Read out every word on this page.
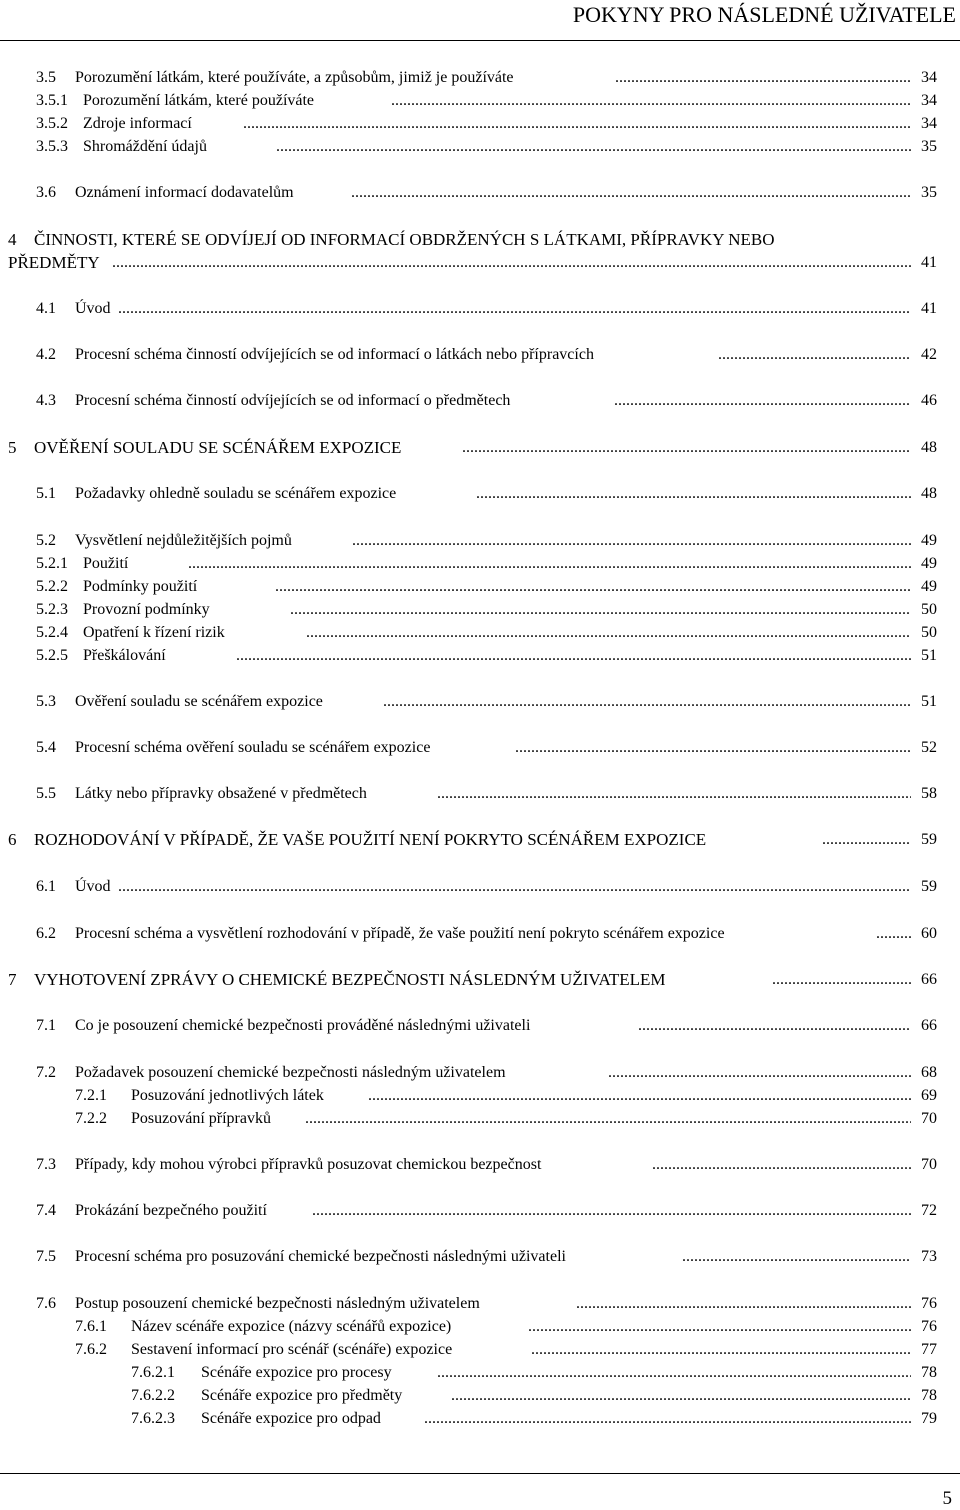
POKYNY PRO NÁSLEDNÉ UŽIVATELE
3.5 Porozumění látkám, které používáte, a způsobům, jimiž je používáte .....	34
3.5.1 Porozumění látkám, které používáte .....	34
3.5.2 Zdroje informací .....	34
3.5.3 Shromáždění údajů .....	35
3.6 Oznámení informací dodavatelům .....	35
4 ČINNOSTI, KTERÉ SE ODVÍJEJÍ OD INFORMACÍ OBDRŽENÝCH S LÁTKAMI, PŘÍPRAVKY NEBO
PŘEDMĚTY .....	41
4.1 Úvod .....	41
4.2 Procesní schéma činností odvíjejících se od informací o látkách nebo přípravcích .....	42
4.3 Procesní schéma činností odvíjejících se od informací o předmětech .....	46
5 OVĚŘENÍ SOULADU SE SCÉNÁŘEM EXPOZICE .....	48
5.1 Požadavky ohledně souladu se scénářem expozice .....	48
5.2 Vysvětlení nejdůležitějších pojmů .....	49
5.2.1 Použití .....	49
5.2.2 Podmínky použití .....	49
5.2.3 Provozní podmínky .....	50
5.2.4 Opatření k řízení rizik .....	50
5.2.5 Přeškálování .....	51
5.3 Ověření souladu se scénářem expozice .....	51
5.4 Procesní schéma ověření souladu se scénářem expozice .....	52
5.5 Látky nebo přípravky obsažené v předmětech .....	58
6 ROZHODOVÁNÍ V PŘÍPADĚ, ŽE VAŠE POUŽITÍ NENÍ POKRYTO SCÉNÁŘEM EXPOZICE .....	59
6.1 Úvod .....	59
6.2 Procesní schéma a vysvětlení rozhodování v případě, že vaše použití není pokryto scénářem expozice .....	60
7 VYHOTOVENÍ ZPRÁVY O CHEMICKÉ BEZPEČNOSTI NÁSLEDNÝM UŽIVATELEM .....	66
7.1 Co je posouzení chemické bezpečnosti prováděné následnými uživateli .....	66
7.2 Požadavek posouzení chemické bezpečnosti následným uživatelem .....	68
7.2.1 Posuzování jednotlivých látek .....	69
7.2.2 Posuzování přípravků .....	70
7.3 Případy, kdy mohou výrobci přípravků posuzovat chemickou bezpečnost .....	70
7.4 Prokázání bezpečného použití .....	72
7.5 Procesní schéma pro posuzování chemické bezpečnosti následnými uživateli .....	73
7.6 Postup posouzení chemické bezpečnosti následným uživatelem .....	76
7.6.1 Název scénáře expozice (názvy scénářů expozice) .....	76
7.6.2 Sestavení informací pro scénář (scénáře) expozice .....	77
7.6.2.1 Scénáře expozice pro procesy .....	78
7.6.2.2 Scénáře expozice pro předměty .....	78
7.6.2.3 Scénáře expozice pro odpad .....	79
5
